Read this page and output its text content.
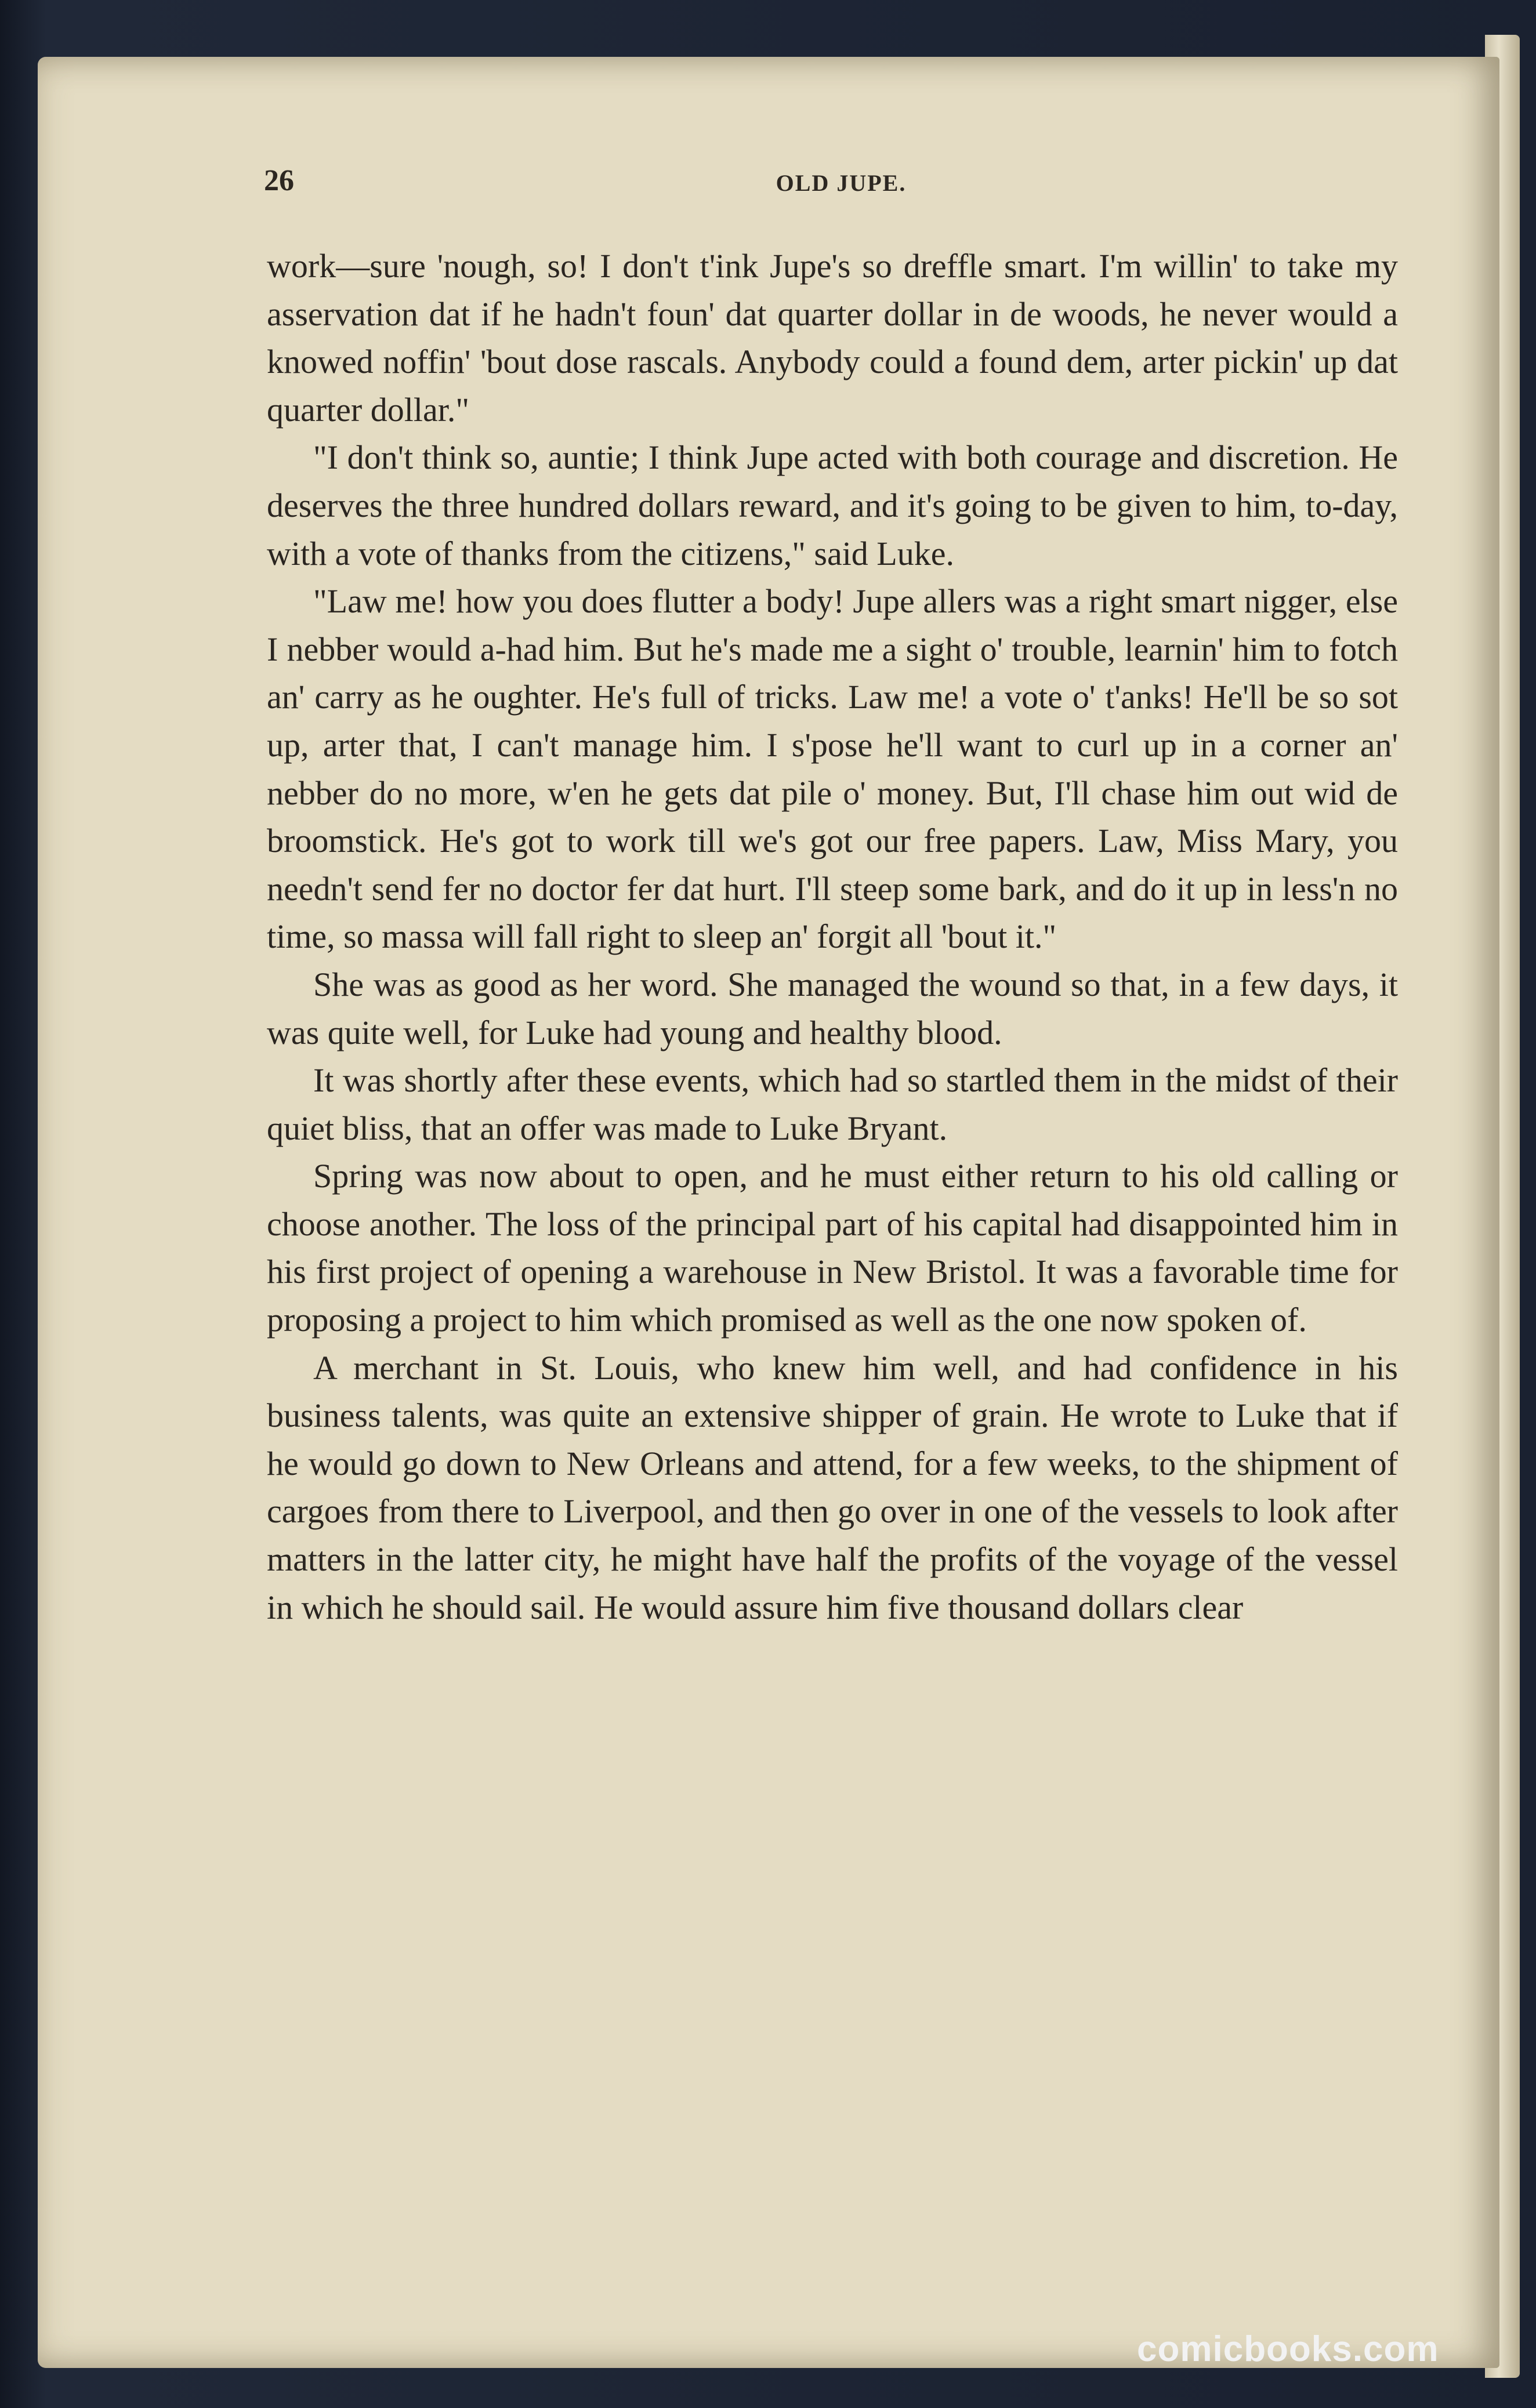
26	OLD JUPE.

work—sure 'nough, so! I don't t'ink Jupe's so dreffle smart. I'm willin' to take my asservation dat if he hadn't foun' dat quarter dollar in de woods, he never would a knowed noffin' 'bout dose rascals. Anybody could a found dem, arter pickin' up dat quarter dollar."

"I don't think so, auntie; I think Jupe acted with both courage and discretion. He deserves the three hundred dollars reward, and it's going to be given to him, to-day, with a vote of thanks from the citizens," said Luke.

"Law me! how you does flutter a body! Jupe allers was a right smart nigger, else I nebber would a-had him. But he's made me a sight o' trouble, learnin' him to fotch an' carry as he oughter. He's full of tricks. Law me! a vote o' t'anks! He'll be so sot up, arter that, I can't manage him. I s'pose he'll want to curl up in a corner an' nebber do no more, w'en he gets dat pile o' money. But, I'll chase him out wid de broomstick. He's got to work till we's got our free papers. Law, Miss Mary, you needn't send fer no doctor fer dat hurt. I'll steep some bark, and do it up in less'n no time, so massa will fall right to sleep an' forgit all 'bout it."

She was as good as her word. She managed the wound so that, in a few days, it was quite well, for Luke had young and healthy blood.

It was shortly after these events, which had so startled them in the midst of their quiet bliss, that an offer was made to Luke Bryant.

Spring was now about to open, and he must either return to his old calling or choose another. The loss of the principal part of his capital had disappointed him in his first project of opening a warehouse in New Bristol. It was a favorable time for proposing a project to him which promised as well as the one now spoken of.

A merchant in St. Louis, who knew him well, and had confidence in his business talents, was quite an extensive shipper of grain. He wrote to Luke that if he would go down to New Orleans and attend, for a few weeks, to the shipment of cargoes from there to Liverpool, and then go over in one of the vessels to look after matters in the latter city, he might have half the profits of the voyage of the vessel in which he should sail. He would assure him five thousand dollars clear

comicbooks.com
